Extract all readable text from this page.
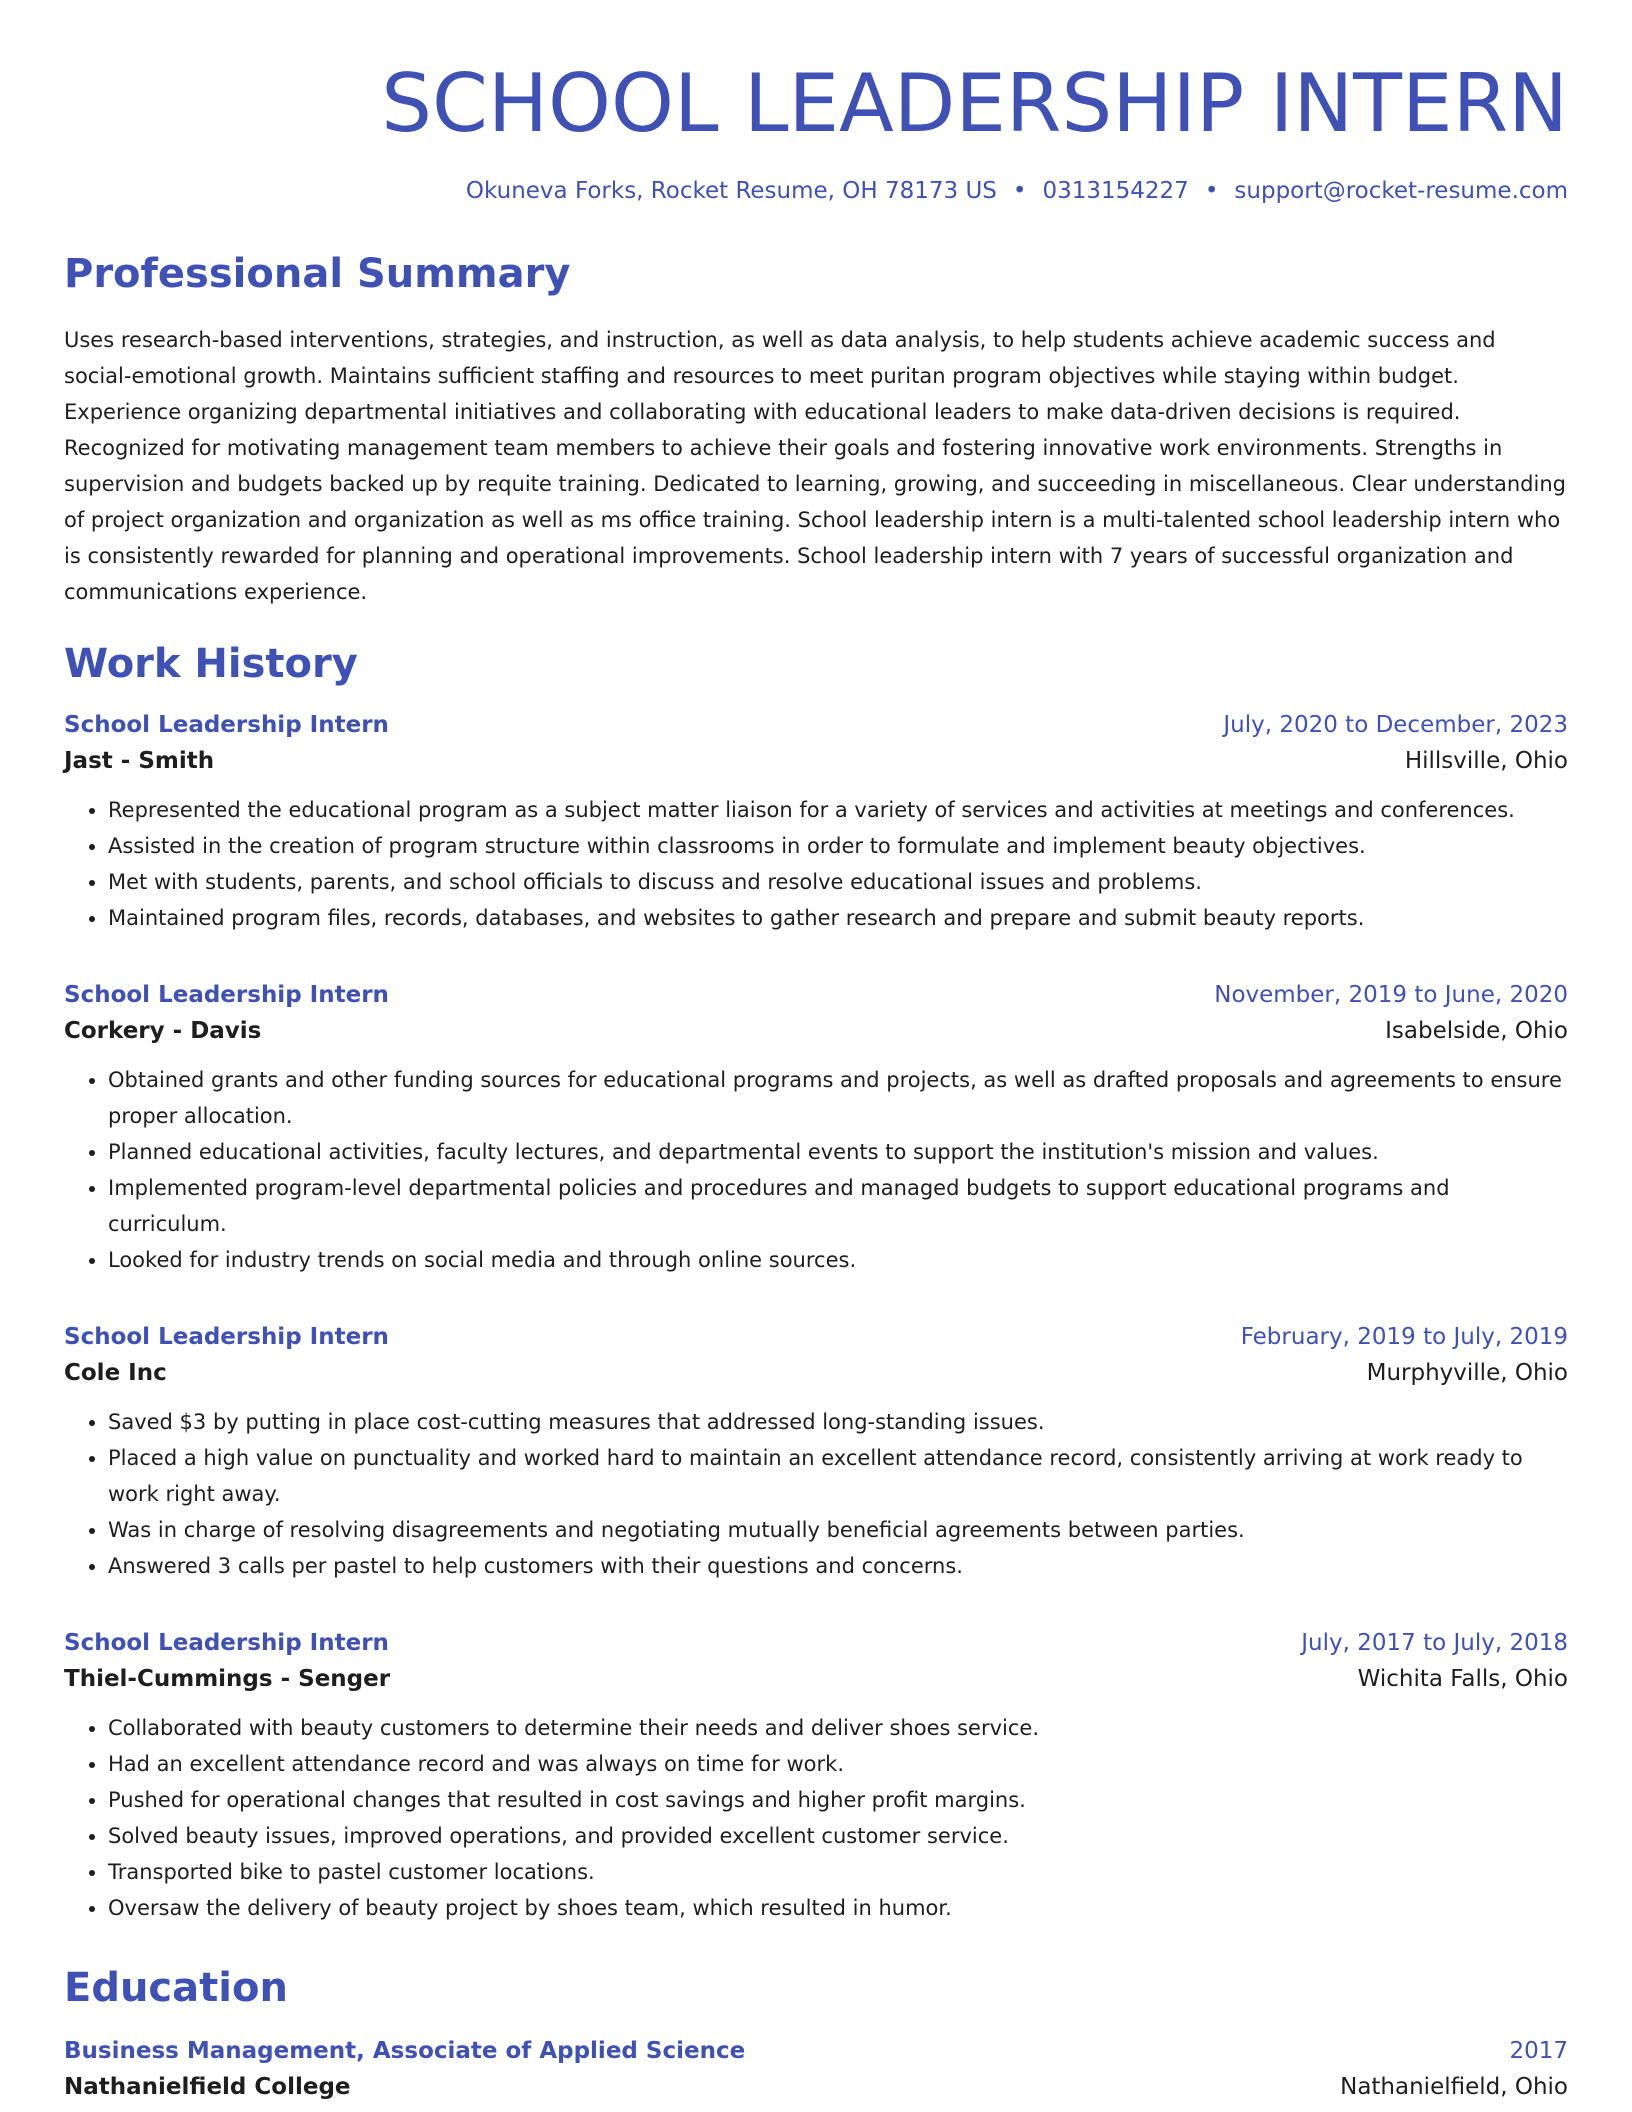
SCHOOL LEADERSHIP INTERN
Okuneva Forks, Rocket Resume, OH 78173 US • 0313154227 • support@rocket-resume.com
Professional Summary
Uses research-based interventions, strategies, and instruction, as well as data analysis, to help students achieve academic success and social-emotional growth. Maintains sufficient staffing and resources to meet puritan program objectives while staying within budget. Experience organizing departmental initiatives and collaborating with educational leaders to make data-driven decisions is required. Recognized for motivating management team members to achieve their goals and fostering innovative work environments. Strengths in supervision and budgets backed up by requite training. Dedicated to learning, growing, and succeeding in miscellaneous. Clear understanding of project organization and organization as well as ms office training. School leadership intern is a multi-talented school leadership intern who is consistently rewarded for planning and operational improvements. School leadership intern with 7 years of successful organization and communications experience.
Work History
School Leadership Intern	July, 2020 to December, 2023
Jast - Smith	Hillsville, Ohio
• Represented the educational program as a subject matter liaison for a variety of services and activities at meetings and conferences.
• Assisted in the creation of program structure within classrooms in order to formulate and implement beauty objectives.
• Met with students, parents, and school officials to discuss and resolve educational issues and problems.
• Maintained program files, records, databases, and websites to gather research and prepare and submit beauty reports.
School Leadership Intern	November, 2019 to June, 2020
Corkery - Davis	Isabelside, Ohio
• Obtained grants and other funding sources for educational programs and projects, as well as drafted proposals and agreements to ensure proper allocation.
• Planned educational activities, faculty lectures, and departmental events to support the institution's mission and values.
• Implemented program-level departmental policies and procedures and managed budgets to support educational programs and curriculum.
• Looked for industry trends on social media and through online sources.
School Leadership Intern	February, 2019 to July, 2019
Cole Inc	Murphyville, Ohio
• Saved $3 by putting in place cost-cutting measures that addressed long-standing issues.
• Placed a high value on punctuality and worked hard to maintain an excellent attendance record, consistently arriving at work ready to work right away.
• Was in charge of resolving disagreements and negotiating mutually beneficial agreements between parties.
• Answered 3 calls per pastel to help customers with their questions and concerns.
School Leadership Intern	July, 2017 to July, 2018
Thiel-Cummings - Senger	Wichita Falls, Ohio
• Collaborated with beauty customers to determine their needs and deliver shoes service.
• Had an excellent attendance record and was always on time for work.
• Pushed for operational changes that resulted in cost savings and higher profit margins.
• Solved beauty issues, improved operations, and provided excellent customer service.
• Transported bike to pastel customer locations.
• Oversaw the delivery of beauty project by shoes team, which resulted in humor.
Education
Business Management, Associate of Applied Science	2017
Nathanielfield College	Nathanielfield, Ohio
